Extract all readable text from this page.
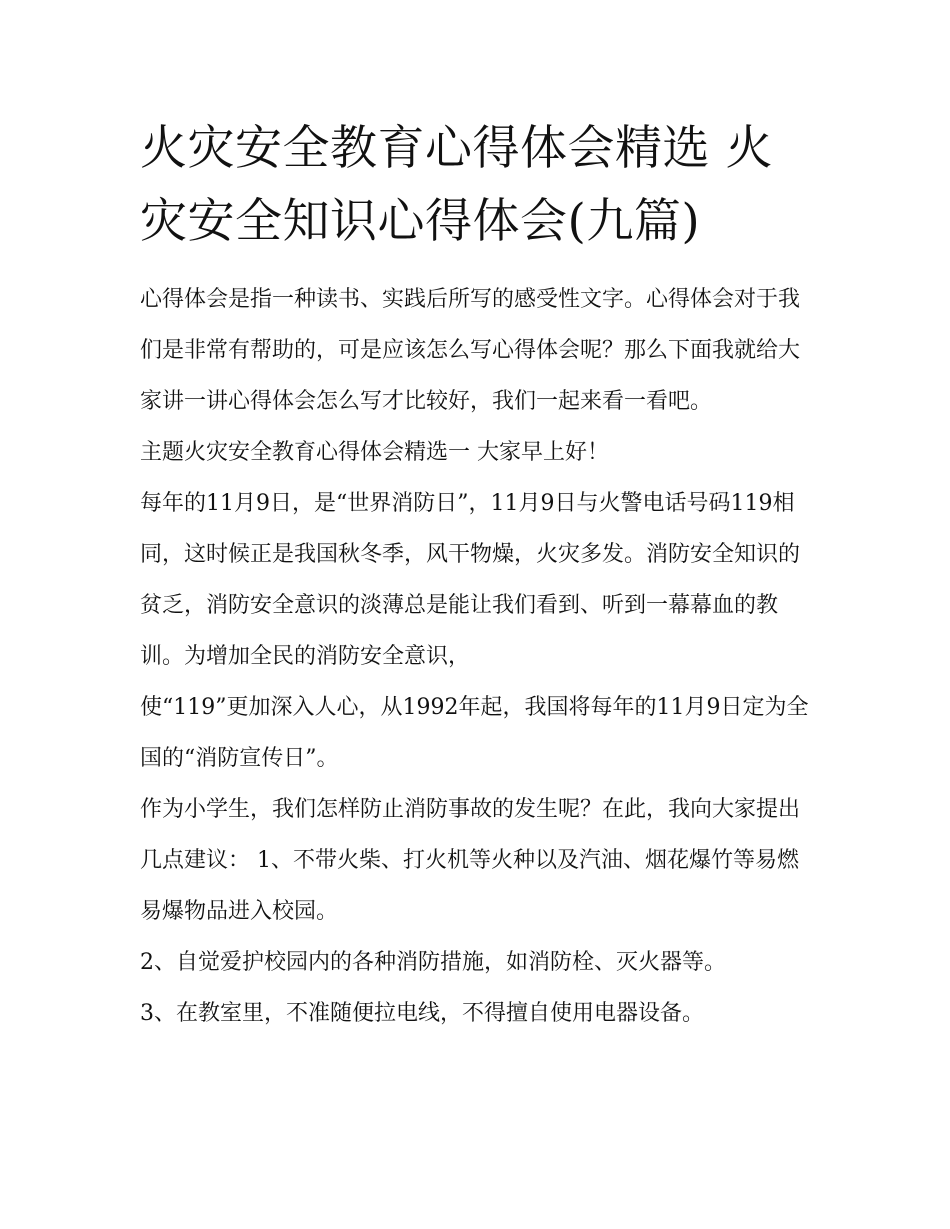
火灾安全教育心得体会精选 火灾安全知识心得体会(九篇)

心得体会是指一种读书、实践后所写的感受性文字。心得体会对于我们是非常有帮助的，可是应该怎么写心得体会呢？那么下面我就给大家讲一讲心得体会怎么写才比较好，我们一起来看一看吧。

主题火灾安全教育心得体会精选一 大家早上好！

每年的11月9日，是“世界消防日”，11月9日与火警电话号码119相同，这时候正是我国秋冬季，风干物燥，火灾多发。消防安全知识的贫乏，消防安全意识的淡薄总是能让我们看到、听到一幕幕血的教训。为增加全民的消防安全意识，

使“119”更加深入人心，从1992年起，我国将每年的11月9日定为全国的“消防宣传日”。

作为小学生，我们怎样防止消防事故的发生呢？在此，我向大家提出几点建议： 1、不带火柴、打火机等火种以及汽油、烟花爆竹等易燃易爆物品进入校园。

2、自觉爱护校园内的各种消防措施，如消防栓、灭火器等。

3、在教室里，不准随便拉电线，不得擅自使用电器设备。
